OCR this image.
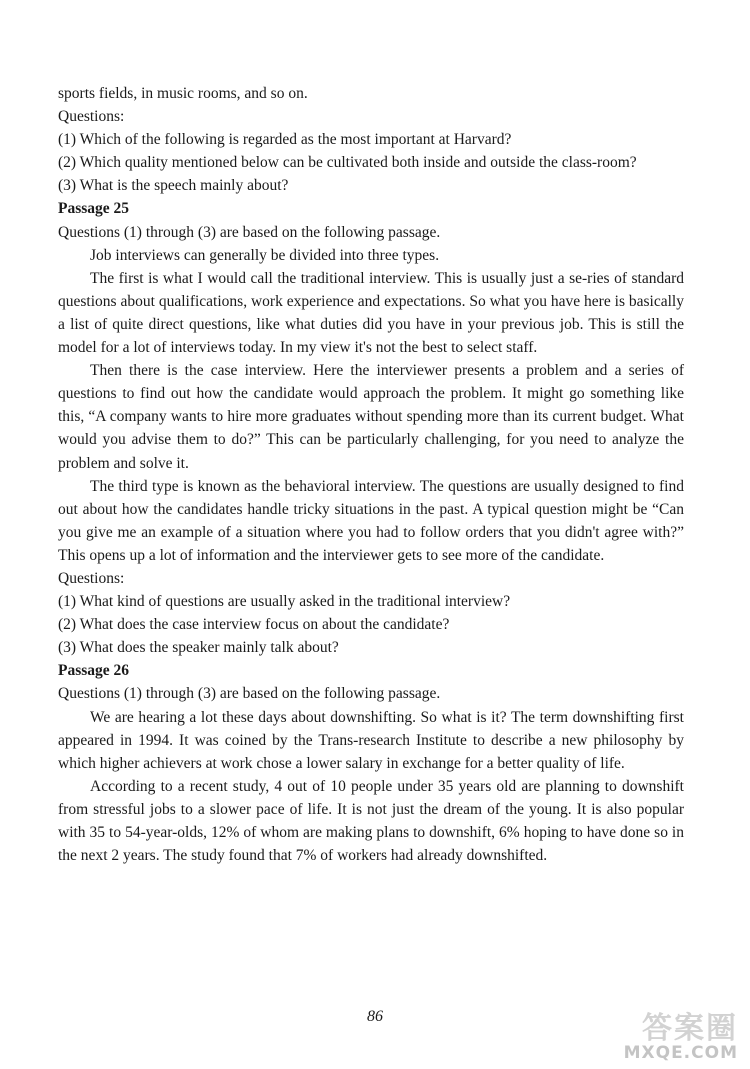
sports fields, in music rooms, and so on.

Questions:

(1) Which of the following is regarded as the most important at Harvard?

(2) Which quality mentioned below can be cultivated both inside and outside the class-room?

(3) What is the speech mainly about?

Passage 25

Questions (1) through (3) are based on the following passage.

Job interviews can generally be divided into three types.

The first is what I would call the traditional interview. This is usually just a se-ries of standard questions about qualifications, work experience and expectations. So what you have here is basically a list of quite direct questions, like what duties did you have in your previous job. This is still the model for a lot of interviews today. In my view it's not the best to select staff.

Then there is the case interview. Here the interviewer presents a problem and a series of questions to find out how the candidate would approach the problem. It might go something like this, “A company wants to hire more graduates without spending more than its current budget. What would you advise them to do?” This can be particularly challenging, for you need to analyze the problem and solve it.

The third type is known as the behavioral interview. The questions are usually designed to find out about how the candidates handle tricky situations in the past. A typical question might be “Can you give me an example of a situation where you had to follow orders that you didn't agree with?” This opens up a lot of information and the interviewer gets to see more of the candidate.

Questions:

(1) What kind of questions are usually asked in the traditional interview?

(2) What does the case interview focus on about the candidate?

(3) What does the speaker mainly talk about?

Passage 26

Questions (1) through (3) are based on the following passage.

We are hearing a lot these days about downshifting. So what is it? The term downshifting first appeared in 1994. It was coined by the Trans-research Institute to describe a new philosophy by which higher achievers at work chose a lower salary in exchange for a better quality of life.

According to a recent study, 4 out of 10 people under 35 years old are planning to downshift from stressful jobs to a slower pace of life. It is not just the dream of the young. It is also popular with 35 to 54-year-olds, 12% of whom are making plans to downshift, 6% hoping to have done so in the next 2 years. The study found that 7% of workers had already downshifted.

86	答案圈
MXQE.COM
